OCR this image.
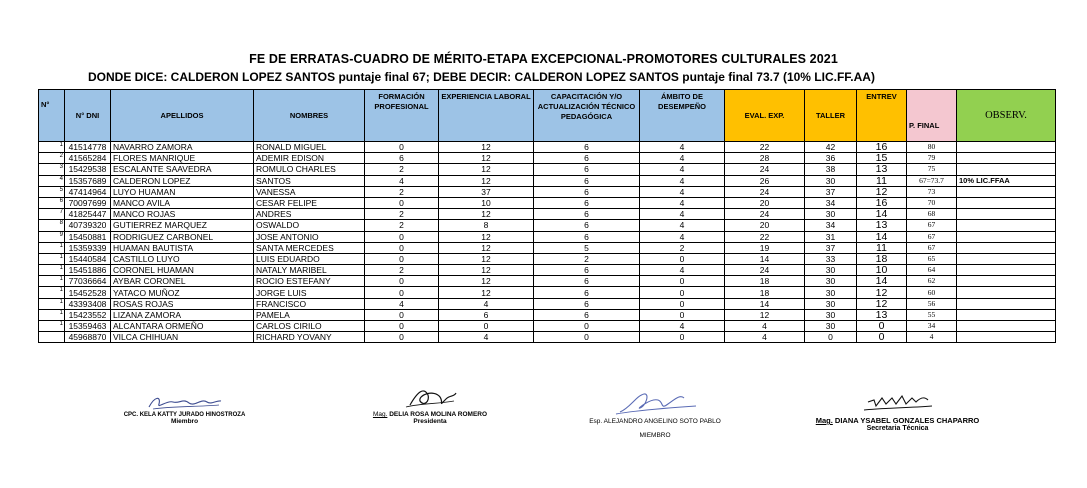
FE DE ERRATAS-CUADRO DE MÉRITO-ETAPA EXCEPCIONAL-PROMOTORES CULTURALES 2021
DONDE DICE: CALDERON LOPEZ SANTOS puntaje final 67; DEBE DECIR: CALDERON LOPEZ SANTOS puntaje final 73.7 (10% LIC.FF.AA)
N°	N° DNI	APELLIDOS	NOMBRES	FORMACIÓN PROFESIONAL	EXPERIENCIA LABORAL	CAPACITACIÓN Y/O ACTUALIZACIÓN TÉCNICO PEDAGÓGICA	ÁMBITO DE DESEMPEÑO	EVAL. EXP.	TALLER	ENTREV	P. FINAL	OBSERV.
1	41514778	NAVARRO ZAMORA	RONALD MIGUEL	0	12	6	4	22	42	16	80	
2	41565284	FLORES MANRIQUE	ADEMIR EDISON	6	12	6	4	28	36	15	79	
3	15429538	ESCALANTE SAAVEDRA	ROMULO CHARLES	2	12	6	4	24	38	13	75	
4	15357689	CALDERON LOPEZ	SANTOS	4	12	6	4	26	30	11	67=73.7	10% LIC.FFAA
5	47414964	LUYO HUAMAN	VANESSA	2	37	6	4	24	37	12	73	
6	70097699	MANCO AVILA	CESAR FELIPE	0	10	6	4	20	34	16	70	
7	41825447	MANCO ROJAS	ANDRES	2	12	6	4	24	30	14	68	
8	40739320	GUTIERREZ MARQUEZ	OSWALDO	2	8	6	4	20	34	13	67	
9	15450881	RODRIGUEZ CARBONEL	JOSE ANTONIO	0	12	6	4	22	31	14	67	
1	15359339	HUAMAN BAUTISTA	SANTA MERCEDES	0	12	5	2	19	37	11	67	
1	15440584	CASTILLO LUYO	LUIS EDUARDO	0	12	2	0	14	33	18	65	
1	15451886	CORONEL HUAMAN	NATALY MARIBEL	2	12	6	4	24	30	10	64	
1	77036664	AYBAR CORONEL	ROCIO ESTEFANY	0	12	6	0	18	30	14	62	
1	15452528	YATACO MUÑOZ	JORGE LUIS	0	12	6	0	18	30	12	60	
1	43393408	ROSAS ROJAS	FRANCISCO	4	4	6	0	14	30	12	56	
1	15423552	LIZANA ZAMORA	PAMELA	0	6	6	0	12	30	13	55	
1	15359463	ALCANTARA ORMEÑO	CARLOS CIRILO	0	0	0	4	4	30	0	34	
	45968870	VILCA CHIHUAN	RICHARD YOVANY	0	4	0	0	4	0	0	4	
CPC. KELA KATTY JURADO HINOSTROZA
Miembro
Mag. DELIA ROSA MOLINA ROMERO
Presidenta	Esp. ALEJANDRO ANGELINO SOTO PABLO
MIEMBRO
Mag. DIANA YSABEL GONZALES CHAPARRO
Secretaria Técnica
